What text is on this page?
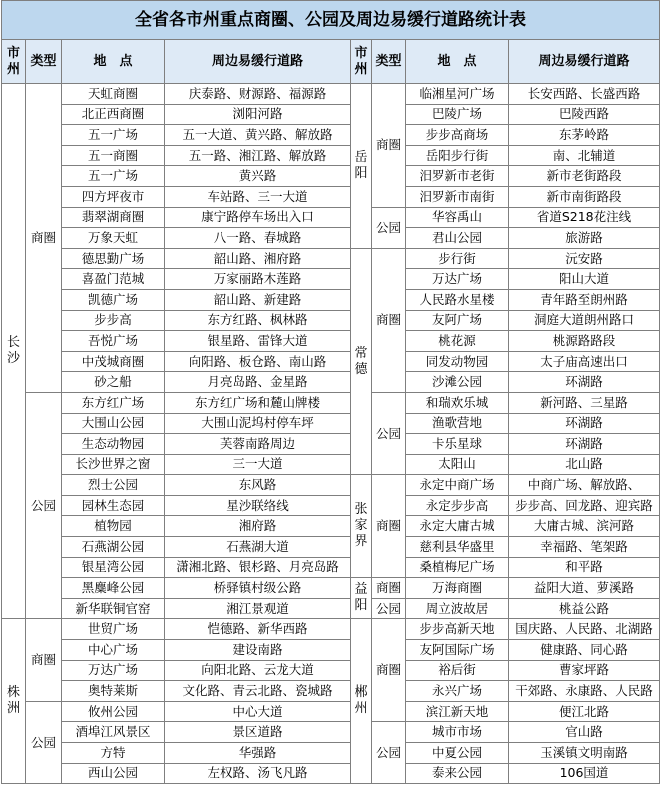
全省各市州重点商圈、公园及周边易缓行道路统计表							
市州	类型	地　点	周边易缓行道路	市州	类型	地　点	周边易缓行道路
长沙	商圈	天虹商圈	庆泰路、财源路、福源路	岳阳	商圈	临湘星河广场	长安西路、长盛西路
		北正西商圈	浏阳河路			巴陵广场	巴陵西路
		五一广场	五一大道、黄兴路、解放路			步步高商场	东茅岭路
		五一商圈	五一路、湘江路、解放路			岳阳步行街	南、北辅道
		五一广场	黄兴路			汨罗新市老街	新市老街路段
		四方坪夜市	车站路、三一大道			汨罗新市南街	新市南街路段
		翡翠湖商圈	康宁路停车场出入口		公园	华容禹山	省道S218花注线
		万象天虹	八一路、春城路			君山公园	旅游路
		德思勤广场	韶山路、湘府路	常德	商圈	步行街	沅安路
		喜盈门范城	万家丽路木莲路			万达广场	阳山大道
		凯德广场	韶山路、新建路			人民路水星楼	青年路至朗州路
		步步高	东方红路、枫林路			友阿广场	洞庭大道朗州路口
		吾悦广场	银星路、雷锋大道			桃花源	桃源路路段
		中茂城商圈	向阳路、板仓路、南山路			同发动物园	太子庙高速出口
		砂之船	月亮岛路、金星路			沙滩公园	环湖路
	公园	东方红广场	东方红广场和麓山牌楼		公园	和瑞欢乐城	新河路、三星路
		大围山公园	大围山泥坞村停车坪			渔歌营地	环湖路
		生态动物园	芙蓉南路周边			卡乐星球	环湖路
		长沙世界之窗	三一大道			太阳山	北山路
		烈士公园	东风路	张家界	商圈	永定中商广场	中商广场、解放路、
		园林生态园	星沙联络线			永定步步高	步步高、回龙路、迎宾路
		植物园	湘府路			永定大庸古城	大庸古城、滨河路
		石燕湖公园	石燕湖大道			慈利县华盛里	幸福路、笔架路
		银星湾公园	潇湘北路、银杉路、月亮岛路			桑植梅尼广场	和平路
		黑麋峰公园	桥驿镇村级公路	益阳	商圈	万海商圈	益阳大道、萝溪路
		新华联铜官窑	湘江景观道		公园	周立波故居	桃益公路
株洲	商圈	世贸广场	恺德路、新华西路	郴州	商圈	步步高新天地	国庆路、人民路、北湖路
		中心广场	建设南路			友阿国际广场	健康路、同心路
		万达广场	向阳北路、云龙大道			裕后街	曹家坪路
		奥特莱斯	文化路、青云北路、瓷城路			永兴广场	干郊路、永康路、人民路
	公园	攸州公园	中心大道			滨江新天地	便江北路
		酒埠江风景区	景区道路		公园	城市市场	官山路
		方特	华强路			中夏公园	玉溪镇文明南路
		西山公园	左权路、汤飞凡路			泰来公园	106国道
